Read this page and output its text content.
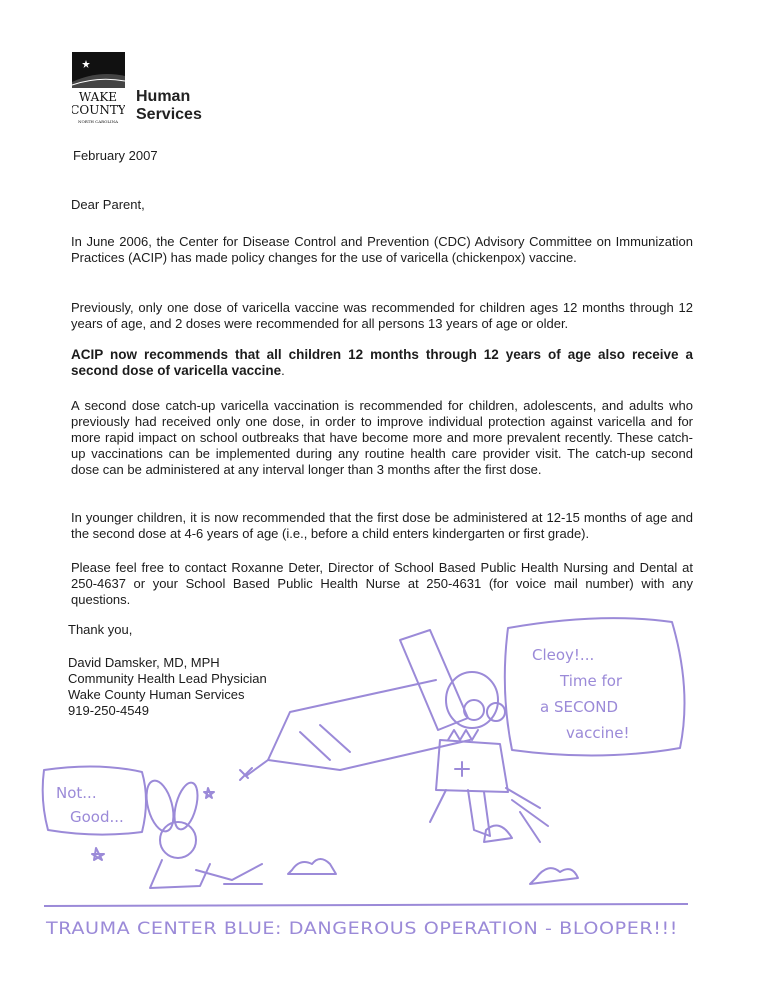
WAKE
COUNTY
NORTH CAROLINA
Human
Services
February 2007
Dear Parent,
In June 2006, the Center for Disease Control and Prevention (CDC) Advisory Committee on Immunization Practices (ACIP) has made policy changes for the use of varicella (chickenpox) vaccine.
Previously, only one dose of varicella vaccine was recommended for children ages 12 months through 12 years of age, and 2 doses were recommended for all persons 13 years of age or older.
ACIP now recommends that all children 12 months through 12 years of age also receive a second dose of varicella vaccine.
A second dose catch-up varicella vaccination is recommended for children, adolescents, and adults who previously had received only one dose, in order to improve individual protection against varicella and for more rapid impact on school outbreaks that have become more and more prevalent recently. These catch-up vaccinations can be implemented during any routine health care provider visit. The catch-up second dose can be administered at any interval longer than 3 months after the first dose.
In younger children, it is now recommended that the first dose be administered at 12-15 months of age and the second dose at 4-6 years of age (i.e., before a child enters kindergarten or first grade).
Please feel free to contact Roxanne Deter, Director of School Based Public Health Nursing and Dental at 250-4637 or your School Based Public Health Nurse at 250-4631 (for voice mail number) with any questions.
Thank you,
David Damsker, MD, MPH
Community Health Lead Physician
Wake County Human Services
919-250-4549
Cleoy!...
Time for
a SECOND
vaccine!
Not...
Good...
TRAUMA CENTER BLUE: DANGEROUS OPERATION - BLOOPER!!!
